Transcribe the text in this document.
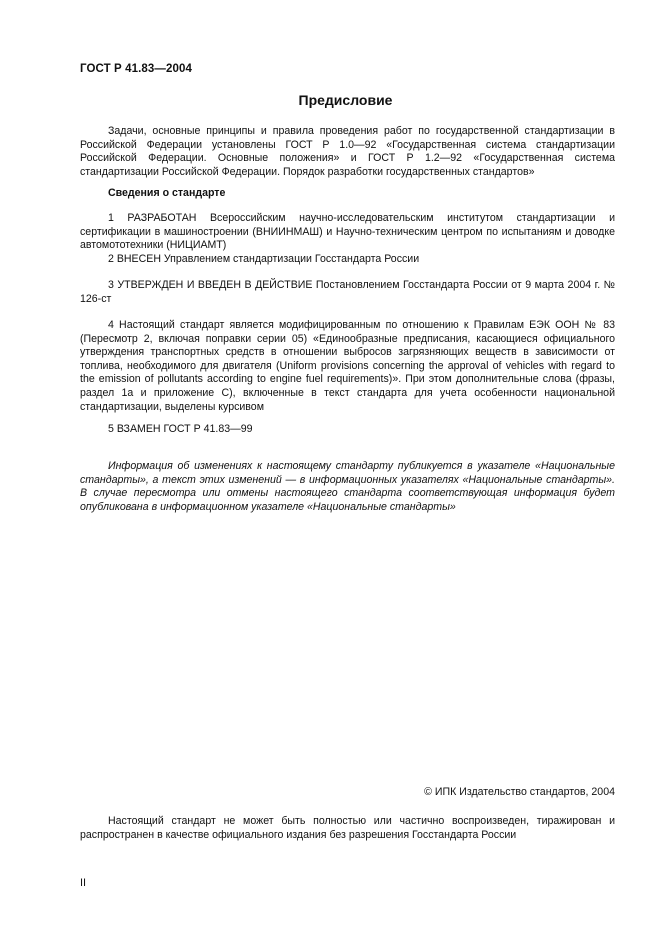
ГОСТ Р 41.83—2004
Предисловие

Задачи, основные принципы и правила проведения работ по государственной стандартизации в Российской Федерации установлены ГОСТ Р 1.0—92 «Государственная система стандартизации Российской Федерации. Основные положения» и ГОСТ Р 1.2—92 «Государственная система стандартизации Российской Федерации. Порядок разработки государственных стандартов»

Сведения о стандарте

1 РАЗРАБОТАН Всероссийским научно-исследовательским институтом стандартизации и сертификации в машиностроении (ВНИИНМАШ) и Научно-техническим центром по испытаниям и доводке автомототехники (НИЦИАМТ)

2 ВНЕСЕН Управлением стандартизации Госстандарта России

3 УТВЕРЖДЕН И ВВЕДЕН В ДЕЙСТВИЕ Постановлением Госстандарта России от 9 марта 2004 г. № 126-ст

4 Настоящий стандарт является модифицированным по отношению к Правилам ЕЭК ООН № 83 (Пересмотр 2, включая поправки серии 05) «Единообразные предписания, касающиеся официального утверждения транспортных средств в отношении выбросов загрязняющих веществ в зависимости от топлива, необходимого для двигателя (Uniform provisions concerning the approval of vehicles with regard to the emission of pollutants according to engine fuel requirements)». При этом дополнительные слова (фразы, раздел 1а и приложение С), включенные в текст стандарта для учета особенности национальной стандартизации, выделены курсивом

5 ВЗАМЕН ГОСТ Р 41.83—99

Информация об изменениях к настоящему стандарту публикуется в указателе «Национальные стандарты», а текст этих изменений — в информационных указателях «Национальные стандарты». В случае пересмотра или отмены настоящего стандарта соответствующая информация будет опубликована в информационном указателе «Национальные стандарты»

© ИПК Издательство стандартов, 2004

Настоящий стандарт не может быть полностью или частично воспроизведен, тиражирован и распространен в качестве официального издания без разрешения Госстандарта России

II
